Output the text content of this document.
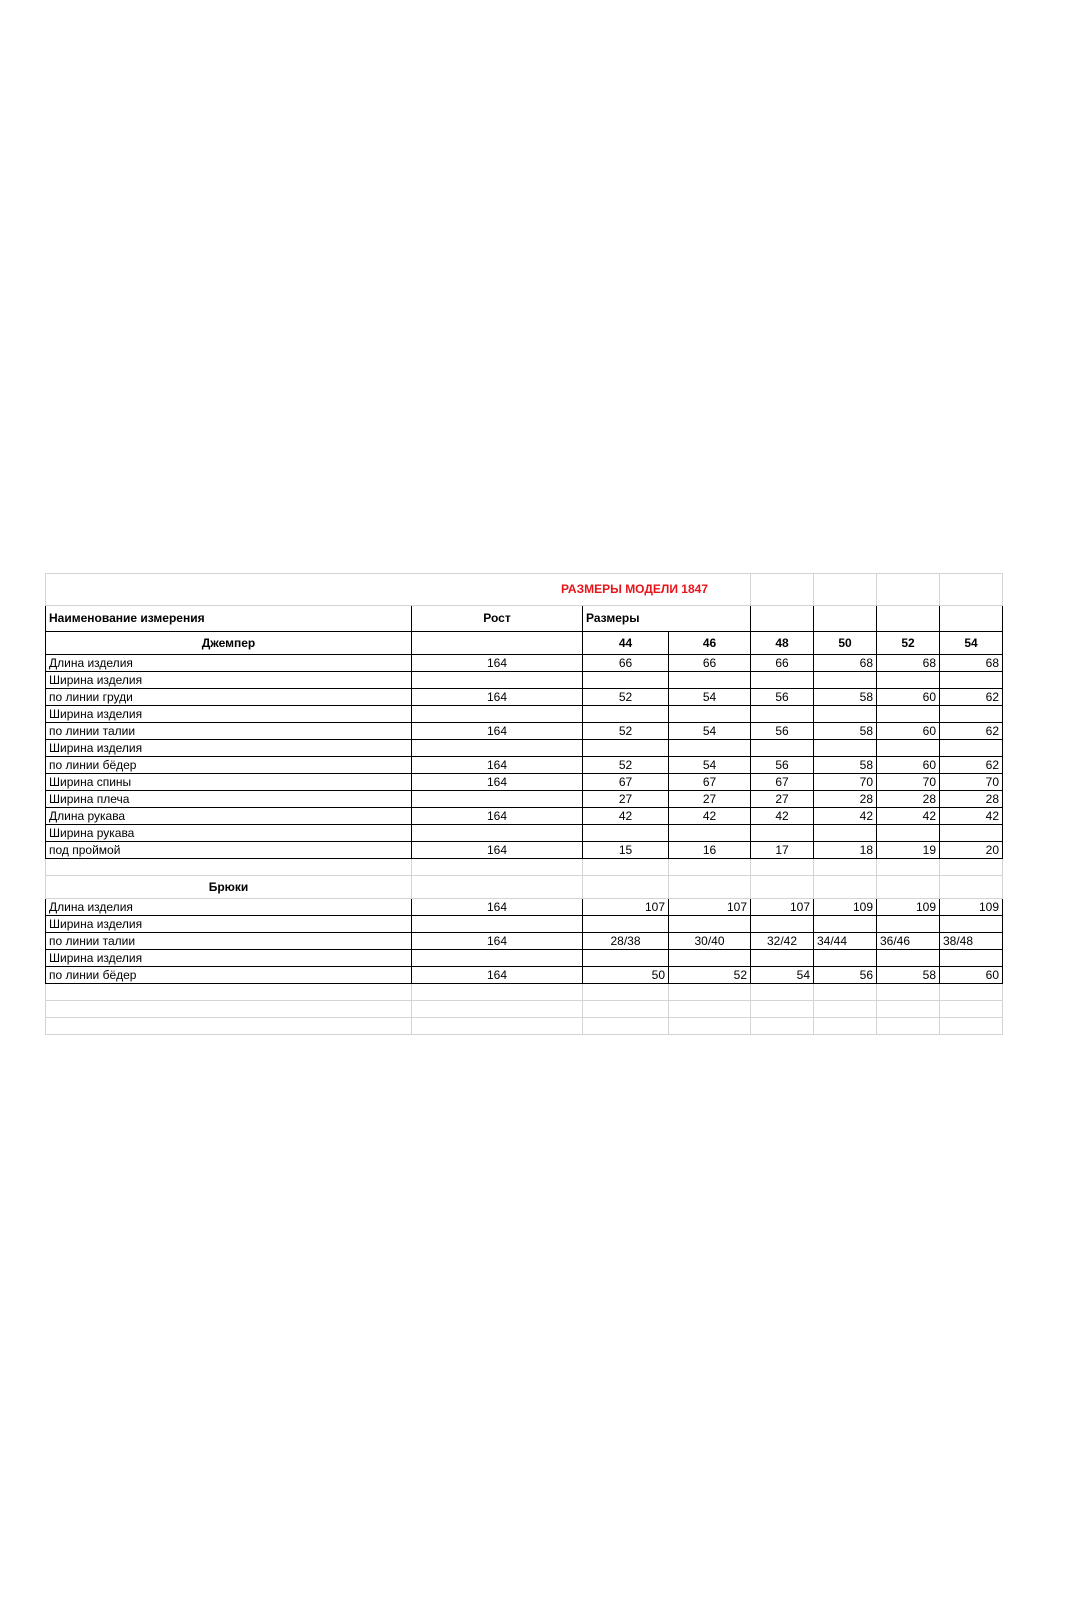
РАЗМЕРЫ МОДЕЛИ 1847							
Наименование измерения	Рост	Размеры					
Джемпер		44	46	48	50	52	54
Длина изделия	164	66	66	66	68	68	68
Ширина изделия							
по линии груди	164	52	54	56	58	60	62
Ширина изделия							
по линии талии	164	52	54	56	58	60	62
Ширина изделия							
по линии бёдер	164	52	54	56	58	60	62
Ширина спины	164	67	67	67	70	70	70
Ширина плеча		27	27	27	28	28	28
Длина рукава	164	42	42	42	42	42	42
Ширина рукава							
под проймой	164	15	16	17	18	19	20

Брюки							
Длина изделия	164	107	107	107	109	109	109
Ширина изделия							
по линии талии	164	28/38	30/40	32/42	34/44	36/46	38/48
Ширина изделия							
по линии бёдер	164	50	52	54	56	58	60
